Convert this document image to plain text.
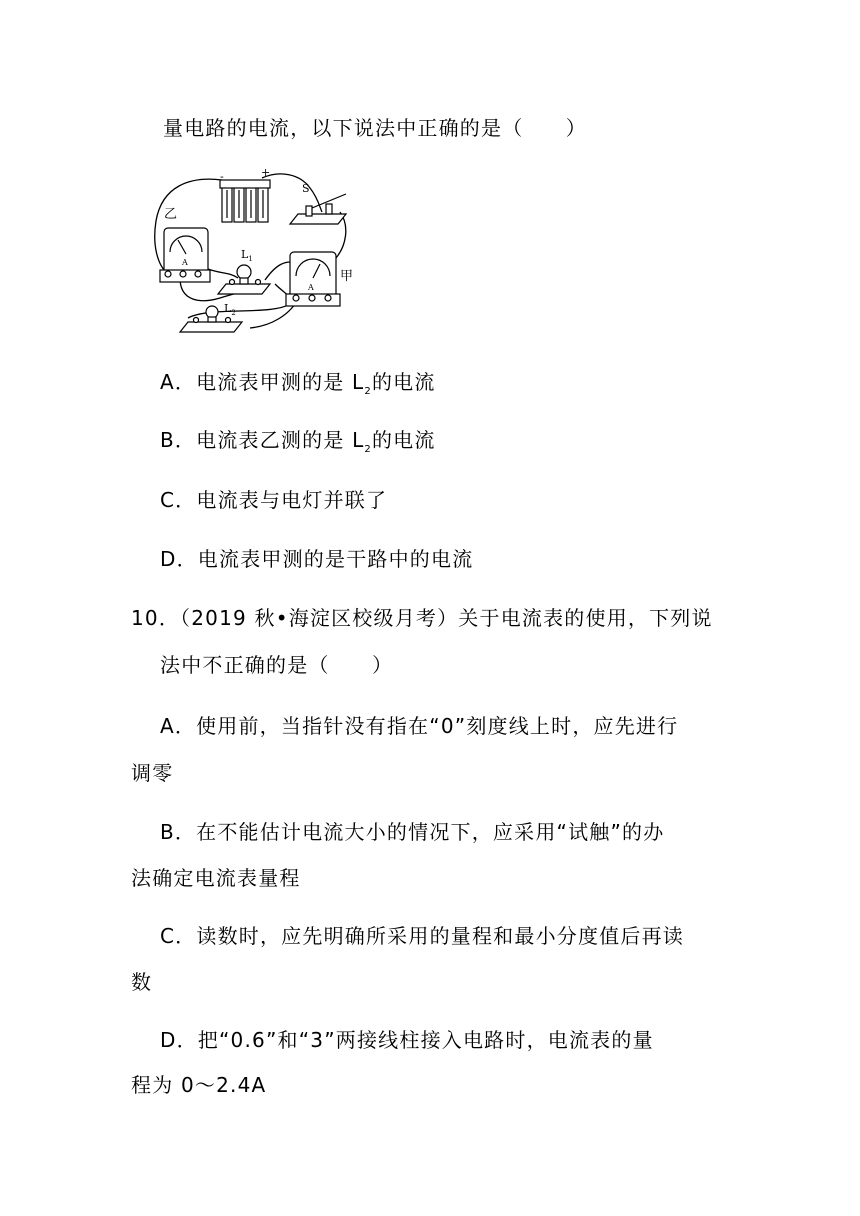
量电路的电流，以下说法中正确的是（　　）
+
-
S
乙
A
$L_1$
甲
A
$L_2$
A．电流表甲测的是 $L_2$的电流
B．电流表乙测的是 $L_2$的电流
C．电流表与电灯并联了
D．电流表甲测的是干路中的电流
10．（2019 秋•海淀区校级月考）关于电流表的使用，下列说
法中不正确的是（　　）
A．使用前，当指针没有指在“0”刻度线上时，应先进行
调零
B．在不能估计电流大小的情况下，应采用“试触”的办
法确定电流表量程
C．读数时，应先明确所采用的量程和最小分度值后再读
数
D．把“0.6”和“3”两接线柱接入电路时，电流表的量
程为 0～2.4A
